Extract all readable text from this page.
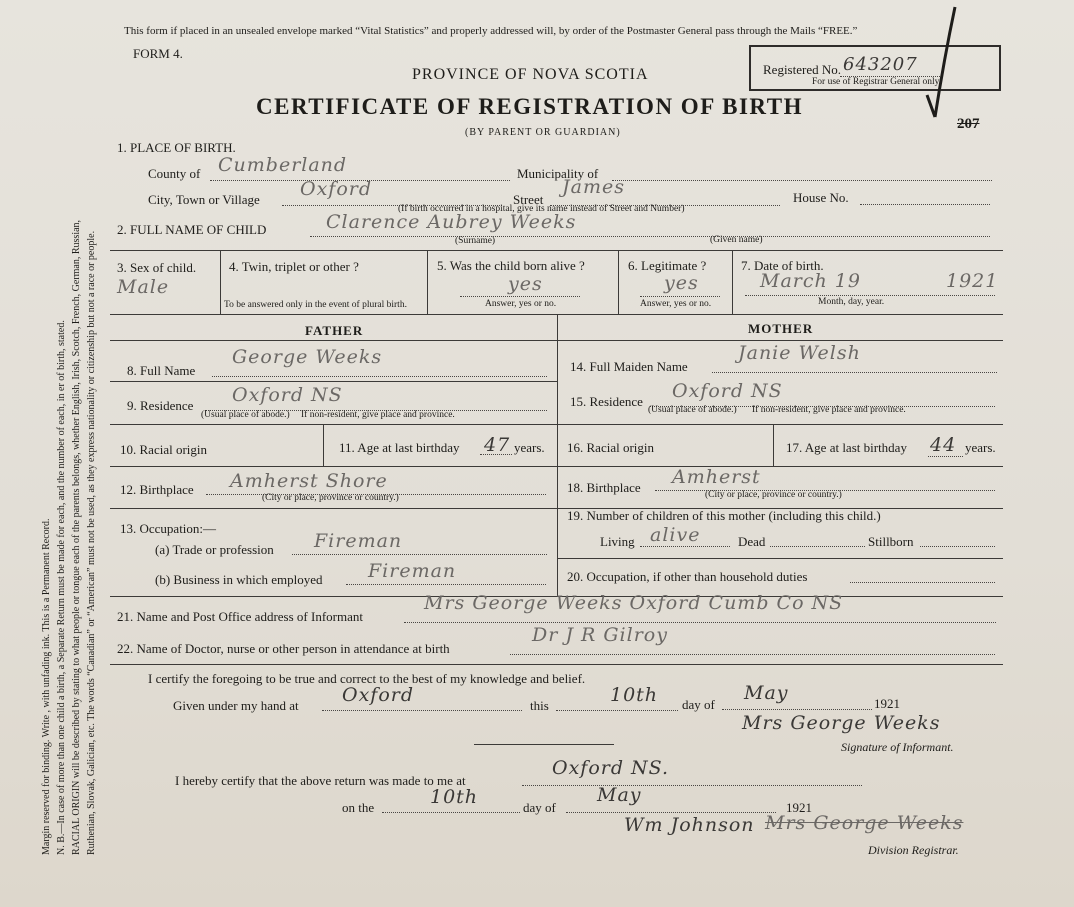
Margin reserved for binding. Write , with unfading ink. This is a Permanent Record. N. B.—In case of more than one child a birth, a Separate Return must be made for each, and the number of each, in er of birth, stated. RACIAL ORIGIN will be described by stating to what people or tongue each of the parents belongs, whether English, Irish, Scotch, French, German, Russian, Ruthenian, Slovak, Galician, etc. The words “Canadian” or “American” must not be used, as they express nationality or citizenship but not a race or people.
This form if placed in an unsealed envelope marked “Vital Statistics” and properly addressed will, by order of the Postmaster General pass through the Mails “FREE.”
FORM 4.
PROVINCE OF NOVA SCOTIA
CERTIFICATE OF REGISTRATION OF BIRTH
(BY PARENT OR GUARDIAN)
Registered No. 643207
For use of Registrar General only
207
1. PLACE OF BIRTH.
County of Cumberland	Municipality of
City, Town or Village Oxford	Street
James
(If birth occurred in a hospital, give its name instead of Street and Number)
House No.
2. FULL NAME OF CHILD	Clarence Aubrey Weeks
(Surname)	(Given name)
3. Sex of child.
Male
4. Twin, triplet or other ?
To be answered only in the event of plural birth.
5. Was the child born alive ?
yes
Answer, yes or no.
6. Legitimate ?
yes
Answer, yes or no.
7. Date of birth.
March 19	1921
Month, day, year.
FATHER	MOTHER
8. Full Name
George Weeks
9. Residence Oxford NS
(Usual place of abode.) If non-resident, give place and province.
10. Racial origin	11. Age at last birthday 47 years.
12. Birthplace Amherst Shore
(City or place, province or country.)
13. Occupation:—
(a) Trade or profession Fireman
(b) Business in which employed Fireman
14. Full Maiden Name
Janie Welsh
15. Residence Oxford NS
(Usual place of abode.) If non-resident, give place and province.
16. Racial origin	17. Age at last birthday 44 years.
18. Birthplace Amherst
(City or place, province or country.)
19. Number of children of this mother (including this child.)
Living alive	Dead	Stillborn
20. Occupation, if other than household duties
21. Name and Post Office address of Informant
Mrs George Weeks Oxford Cumb Co NS
22. Name of Doctor, nurse or other person in attendance at birth
Dr J R Gilroy
I certify the foregoing to be true and correct to the best of my knowledge and belief.
Given under my hand at Oxford	this	10th day of
May	1921
Mrs George Weeks
Signature of Informant.
I hereby certify that the above return was made to me at
Oxford NS.
on the	10th	day of
May
1921
Wm Johnson Mrs George Weeks
Division Registrar.
